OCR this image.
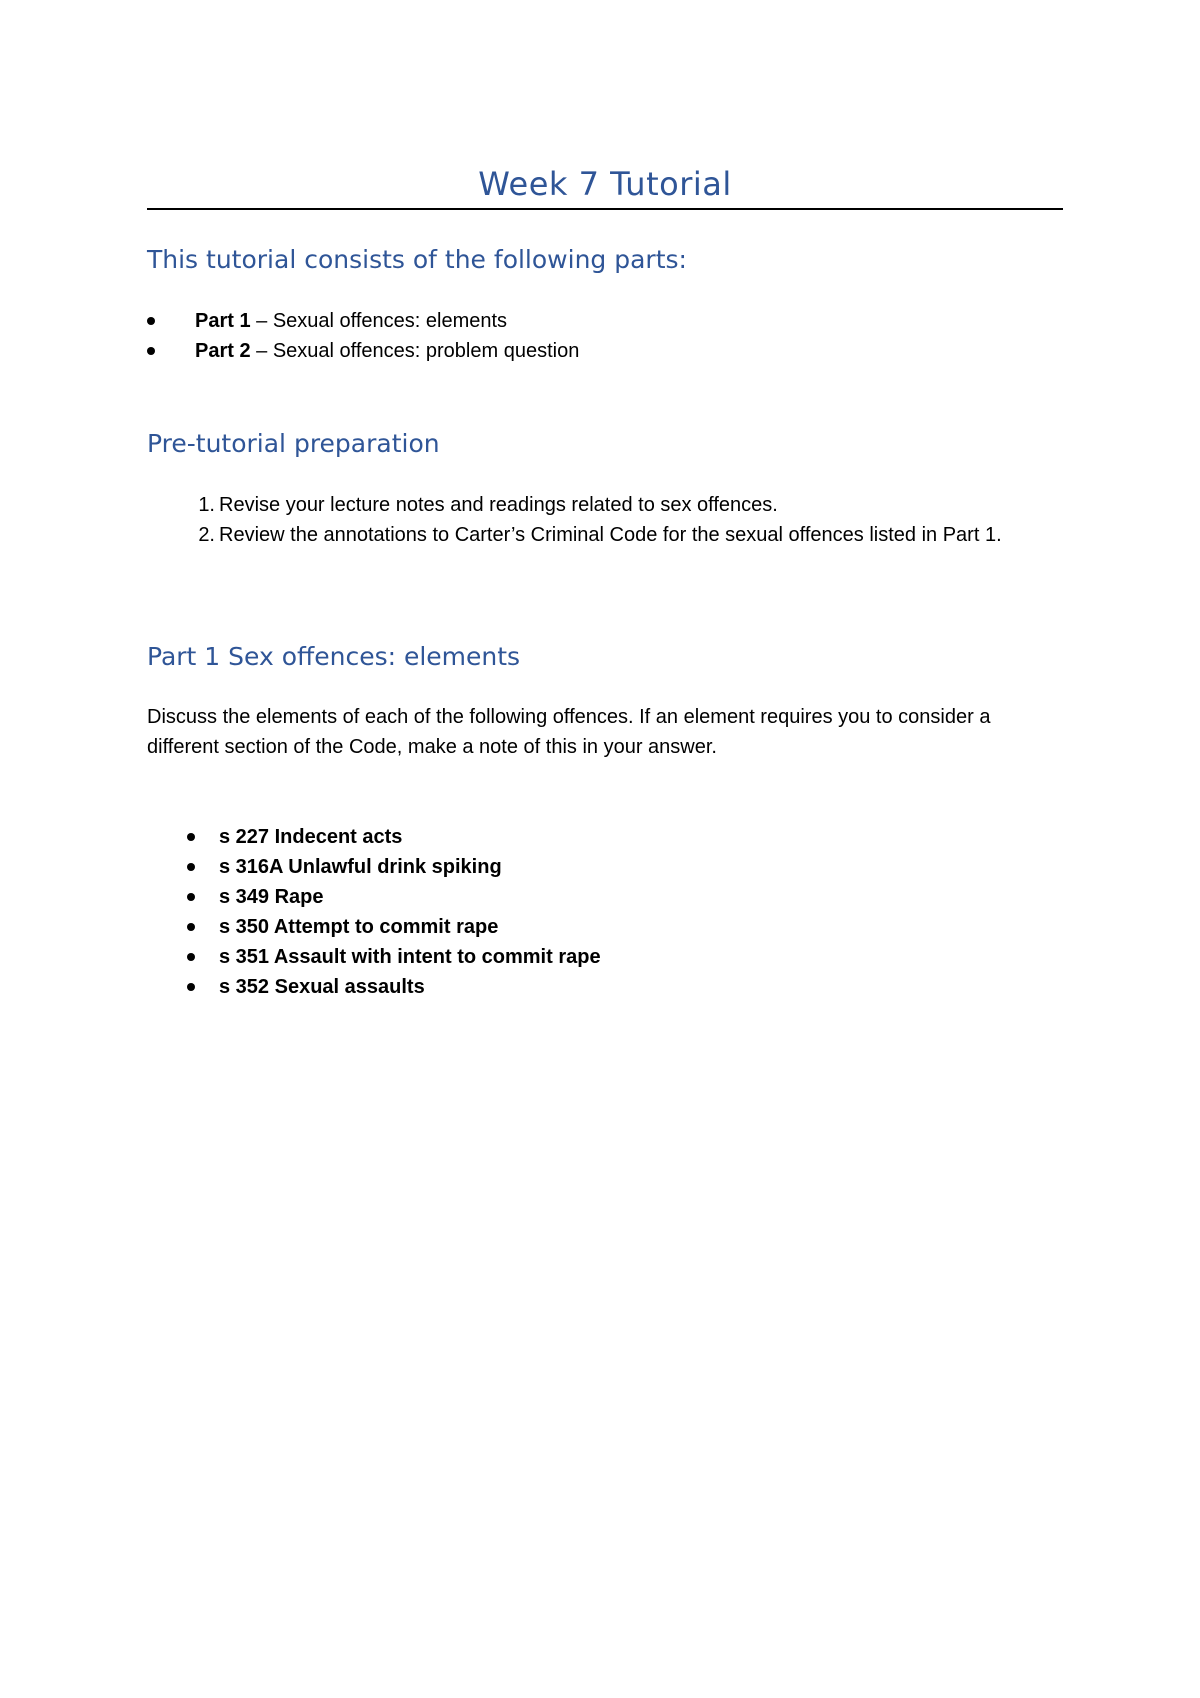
Week 7 Tutorial
This tutorial consists of the following parts:
Part 1 – Sexual offences: elements
Part 2 – Sexual offences: problem question
Pre-tutorial preparation
1. Revise your lecture notes and readings related to sex offences.
2. Review the annotations to Carter’s Criminal Code for the sexual offences listed in Part 1.
Part 1 Sex offences: elements
Discuss the elements of each of the following offences. If an element requires you to consider a different section of the Code, make a note of this in your answer.
s 227 Indecent acts
s 316A Unlawful drink spiking
s 349 Rape
s 350 Attempt to commit rape
s 351 Assault with intent to commit rape
s 352 Sexual assaults
